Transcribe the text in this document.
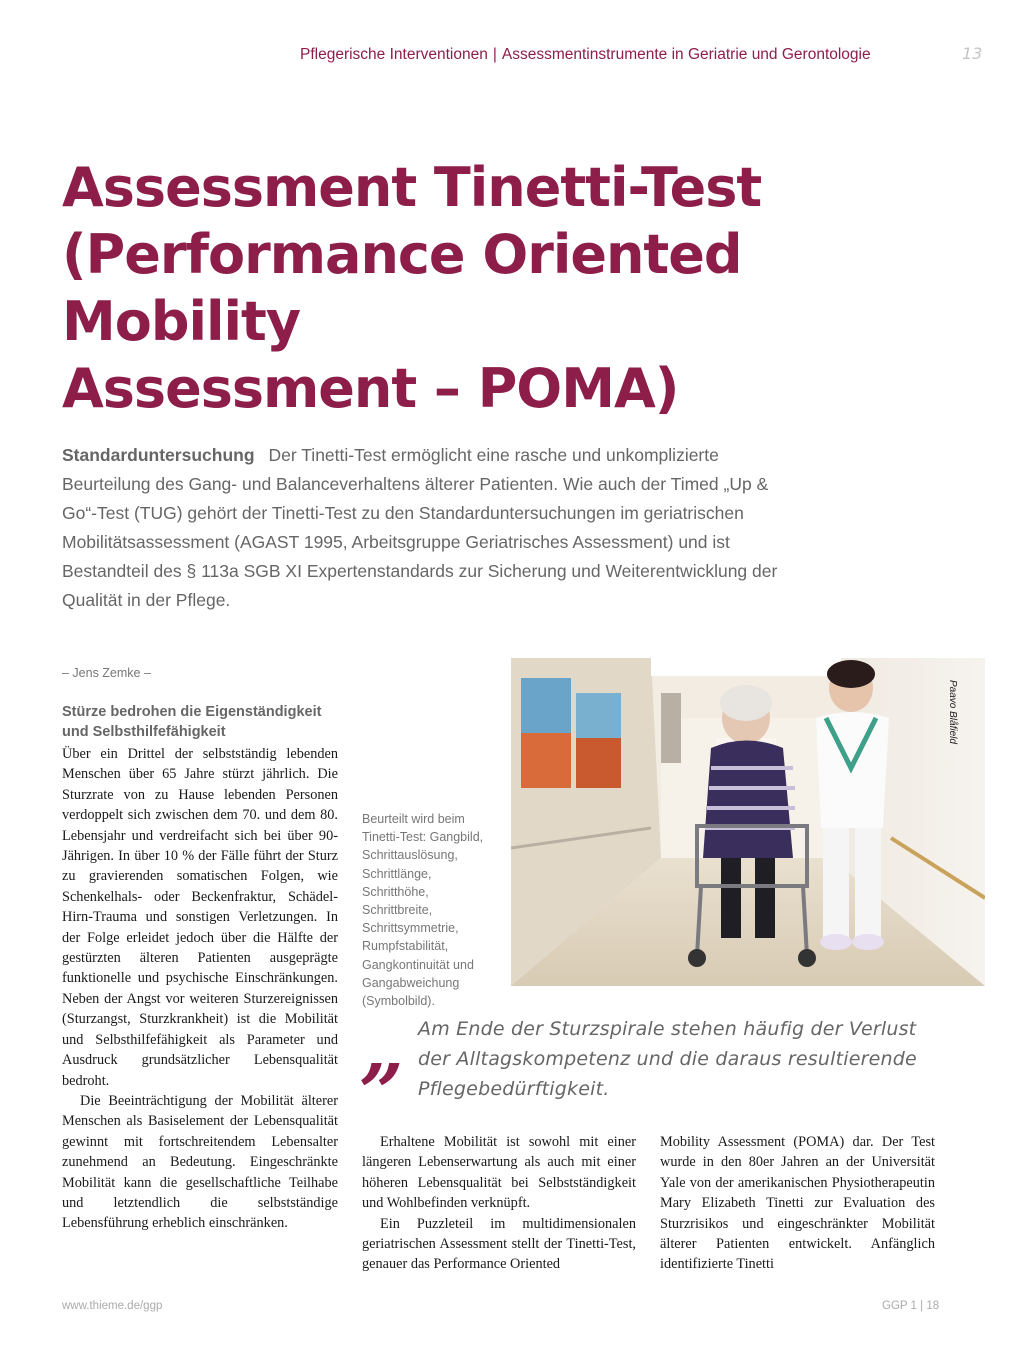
Pflegerische Interventionen | Assessmentinstrumente in Geriatrie und Gerontologie	13
Assessment Tinetti-Test
(Performance Oriented
Mobility
Assessment – POMA)
Standarduntersuchung Der Tinetti-Test ermöglicht eine rasche und unkomplizierte Beurteilung des Gang- und Balanceverhaltens älterer Patienten. Wie auch der Timed „Up & Go“-Test (TUG) gehört der Tinetti-Test zu den Standarduntersuchungen im geriatrischen Mobilitätsassessment (AGAST 1995, Arbeitsgruppe Geriatrisches Assessment) und ist Bestandteil des § 113a SGB XI Expertenstandards zur Sicherung und Weiterentwicklung der Qualität in der Pflege.
– Jens Zemke –
Stürze bedrohen die Eigenständigkeit und Selbsthilfefähigkeit

Über ein Drittel der selbstständig lebenden Menschen über 65 Jahre stürzt jährlich. Die Sturzrate von zu Hause lebenden Personen verdoppelt sich zwischen dem 70. und dem 80. Lebensjahr und verdreifacht sich bei über 90-Jährigen. In über 10 % der Fälle führt der Sturz zu gravierenden somatischen Folgen, wie Schenkelhals- oder Beckenfraktur, Schädel-Hirn-Trauma und sonstigen Verletzungen. In der Folge erleidet jedoch über die Hälfte der gestürzten älteren Patienten ausgeprägte funktionelle und psychische Einschränkungen. Neben der Angst vor weiteren Sturzereignissen (Sturzangst, Sturzkrankheit) ist die Mobilität und Selbsthilfefähigkeit als Parameter und Ausdruck grundsätzlicher Lebensqualität bedroht.

Die Beeinträchtigung der Mobilität älterer Menschen als Basiselement der Lebensqualität gewinnt mit fortschreitendem Lebensalter zunehmend an Bedeutung. Eingeschränkte Mobilität kann die gesellschaftliche Teilhabe und letztendlich die selbstständige Lebensführung erheblich einschränken.

Beurteilt wird beim Tinetti-Test: Gangbild, Schrittauslösung, Schrittlänge, Schritthöhe, Schrittbreite, Schrittsymmetrie, Rumpfstabilität, Gangkontinuität und Gangabweichung (Symbolbild).
Paavo Blåfield
„ Am Ende der Sturzspirale stehen häufig der Verlust der Alltagskompetenz und die daraus resultierende Pflegebedürftigkeit.

Erhaltene Mobilität ist sowohl mit einer längeren Lebenserwartung als auch mit einer höheren Lebensqualität bei Selbstständigkeit und Wohlbefinden verknüpft.

Ein Puzzleteil im multidimensionalen geriatrischen Assessment stellt der Tinetti-Test, genauer das Performance Oriented

Mobility Assessment (POMA) dar. Der Test wurde in den 80er Jahren an der Universität Yale von der amerikanischen Physiotherapeutin Mary Elizabeth Tinetti zur Evaluation des Sturzrisikos und eingeschränkter Mobilität älterer Patienten entwickelt. Anfänglich identifizierte Tinetti

www.thieme.de/ggp	GGP 1 | 18
